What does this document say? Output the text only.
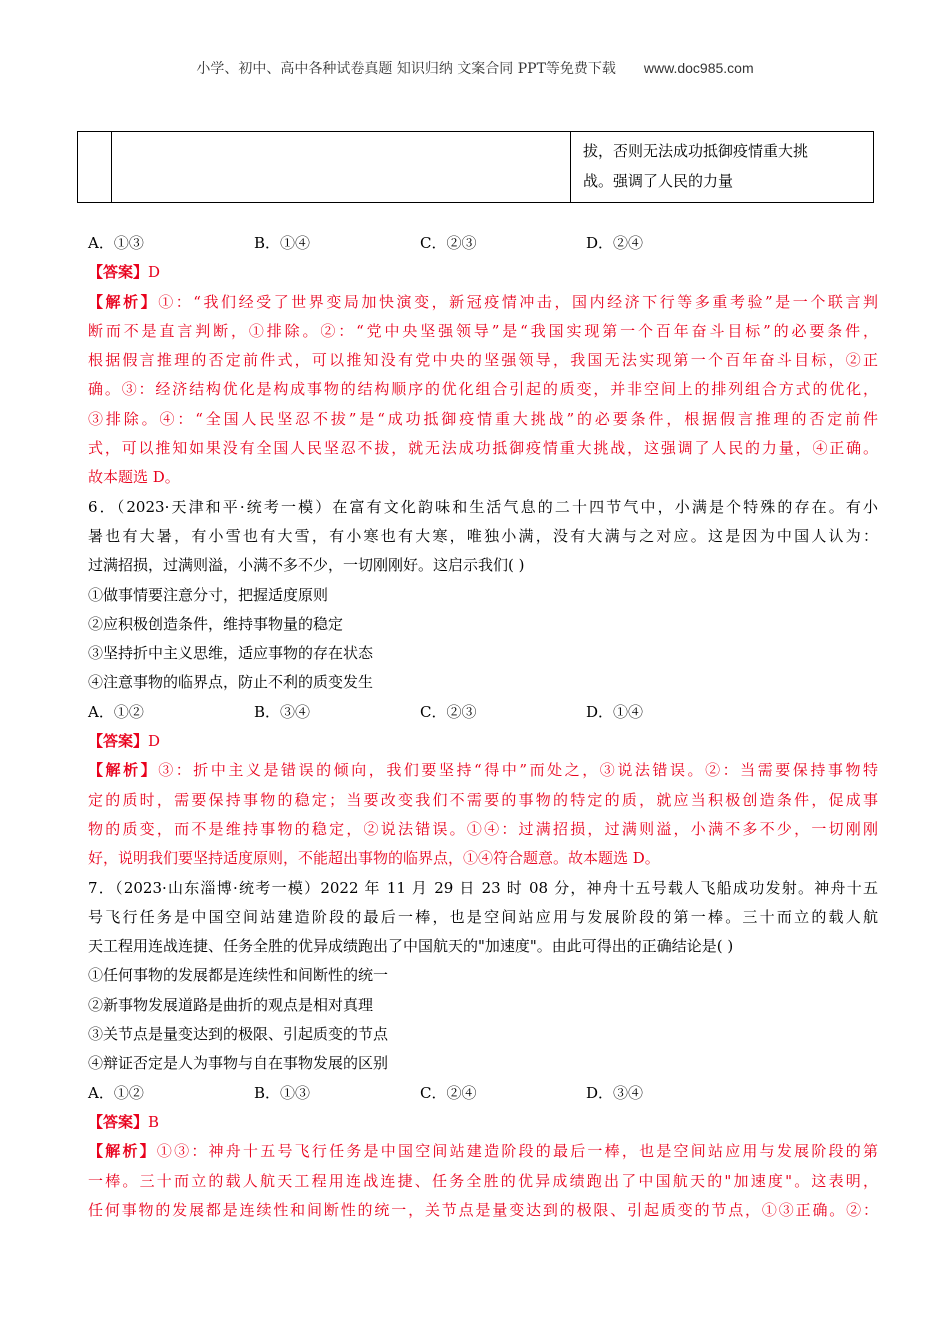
小学、初中、高中各种试卷真题 知识归纳 文案合同 PPT等免费下载 www.doc985.com

拔，否则无法成功抵御疫情重大挑
战。强调了人民的力量
A．①③	B．①④	C．②③	D．②④
【答案】D
【解析】①：“我们经受了世界变局加快演变，新冠疫情冲击，国内经济下行等多重考验”是一个联言判
断而不是直言判断，①排除。②：“党中央坚强领导”是“我国实现第一个百年奋斗目标”的必要条件，
根据假言推理的否定前件式，可以推知没有党中央的坚强领导，我国无法实现第一个百年奋斗目标，②正
确。③：经济结构优化是构成事物的结构顺序的优化组合引起的质变，并非空间上的排列组合方式的优化，
③排除。④：“全国人民坚忍不拔”是“成功抵御疫情重大挑战”的必要条件，根据假言推理的否定前件
式，可以推知如果没有全国人民坚忍不拔，就无法成功抵御疫情重大挑战，这强调了人民的力量，④正确。
故本题选 D。
6．（2023·天津和平·统考一模）在富有文化韵味和生活气息的二十四节气中，小满是个特殊的存在。有小
暑也有大暑，有小雪也有大雪，有小寒也有大寒，唯独小满，没有大满与之对应。这是因为中国人认为：
过满招损，过满则溢，小满不多不少，一切刚刚好。这启示我们( )
①做事情要注意分寸，把握适度原则
②应积极创造条件，维持事物量的稳定
③坚持折中主义思维，适应事物的存在状态
④注意事物的临界点，防止不利的质变发生
A．①②	B．③④	C．②③	D．①④
【答案】D
【解析】③：折中主义是错误的倾向，我们要坚持“得中”而处之，③说法错误。②：当需要保持事物特
定的质时，需要保持事物的稳定；当要改变我们不需要的事物的特定的质，就应当积极创造条件，促成事
物的质变，而不是维持事物的稳定，②说法错误。①④：过满招损，过满则溢，小满不多不少，一切刚刚
好，说明我们要坚持适度原则，不能超出事物的临界点，①④符合题意。故本题选 D。
7．（2023·山东淄博·统考一模）2022 年 11 月 29 日 23 时 08 分，神舟十五号载人飞船成功发射。神舟十五
号飞行任务是中国空间站建造阶段的最后一棒，也是空间站应用与发展阶段的第一棒。三十而立的载人航
天工程用连战连捷、任务全胜的优异成绩跑出了中国航天的"加速度"。由此可得出的正确结论是( )
①任何事物的发展都是连续性和间断性的统一
②新事物发展道路是曲折的观点是相对真理
③关节点是量变达到的极限、引起质变的节点
④辩证否定是人为事物与自在事物发展的区别
A．①②	B．①③	C．②④	D．③④
【答案】B
【解析】①③：神舟十五号飞行任务是中国空间站建造阶段的最后一棒，也是空间站应用与发展阶段的第
一棒。三十而立的载人航天工程用连战连捷、任务全胜的优异成绩跑出了中国航天的"加速度"。这表明，
任何事物的发展都是连续性和间断性的统一，关节点是量变达到的极限、引起质变的节点，①③正确。②：
